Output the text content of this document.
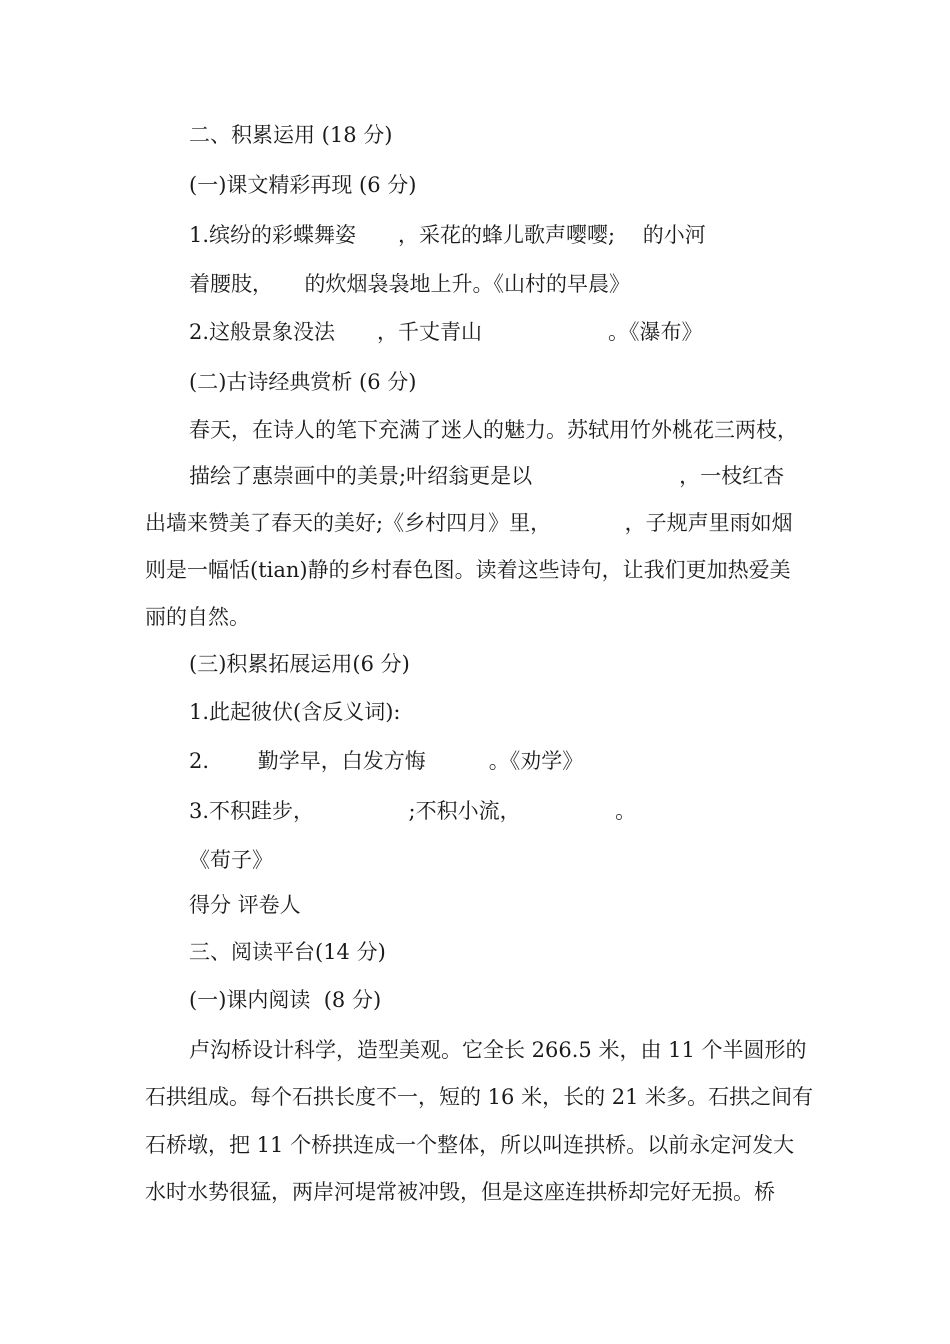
二、积累运用 (18 分)

(一)课文精彩再现 (6 分)

1.缤纷的彩蝶舞姿　　，采花的蜂儿歌声嘤嘤;　 的小河

着腰肢，　　的炊烟袅袅地上升。《山村的早晨》

2.这般景象没法　　，千丈青山　　　　　　。《瀑布》

(二)古诗经典赏析 (6 分)

春天，在诗人的笔下充满了迷人的魅力。苏轼用竹外桃花三两枝，

描绘了惠崇画中的美景;叶绍翁更是以　　　　　　　，一枝红杏

出墙来赞美了春天的美好;《乡村四月》里，　　　　，子规声里雨如烟

则是一幅恬(tian)静的乡村春色图。读着这些诗句，让我们更加热爱美

丽的自然。

(三)积累拓展运用(6 分)

1.此起彼伏(含反义词):

2.　　 勤学早，白发方悔　　　。《劝学》

3.不积跬步，　　　　　;不积小流，　　　　　。

《荀子》

得分 评卷人

三、阅读平台(14 分)

(一)课内阅读  (8 分)

卢沟桥设计科学，造型美观。它全长 266.5 米，由 11 个半圆形的

石拱组成。每个石拱长度不一，短的 16 米，长的 21 米多。石拱之间有

石桥墩，把 11 个桥拱连成一个整体，所以叫连拱桥。以前永定河发大

水时水势很猛，两岸河堤常被冲毁，但是这座连拱桥却完好无损。桥
